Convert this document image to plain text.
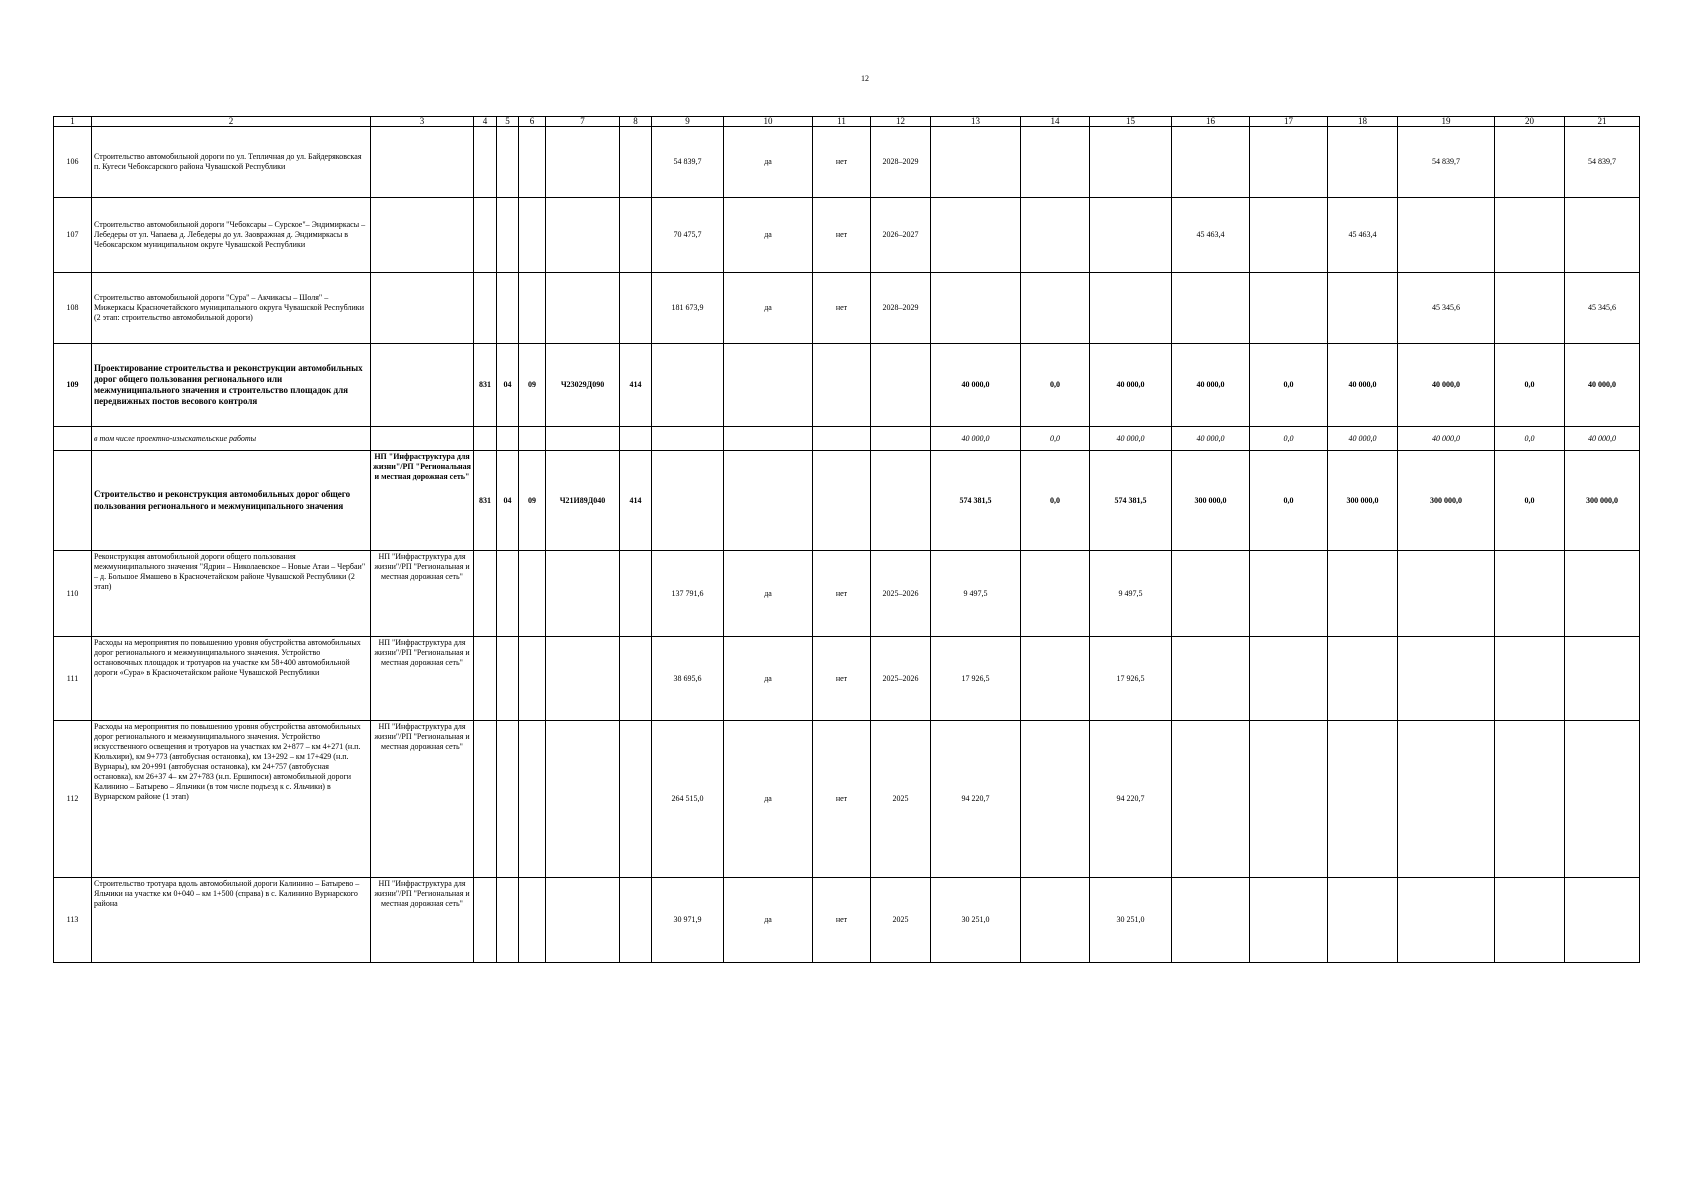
12
1	2	3	4	5	6	7	8	9	10	11	12	13	14	15	16	17	18	19	20	21
106	Строительство автомобильной дороги по ул. Тепличная до ул. Байдеряковская п. Кугеси Чебоксарского района Чувашской Республики							54 839,7	да	нет	2028–2029							54 839,7		54 839,7
107	Строительство автомобильной дороги "Чебоксары – Сурское"– Эндимиркасы – Лебедеры от ул. Чапаева д. Лебедеры до ул. Заовражная д. Эндимиркасы в Чебоксарском муниципальном округе Чувашской Республики							70 475,7	да	нет	2026–2027				45 463,4		45 463,4			
108	Строительство автомобильной дороги "Сура" – Акчикасы – Шоля" – Мижеркасы Красночетайского муниципального округа Чувашской Республики (2 этап: строительство автомобильной дороги)							181 673,9	да	нет	2028–2029							45 345,6		45 345,6
109	Проектирование строительства и реконструкции автомобильных дорог общего пользования регионального или межмуниципального значения и строительство площадок для передвижных постов весового контроля		831	04	09	Ч23029Д090	414					40 000,0	0,0	40 000,0	40 000,0	0,0	40 000,0	40 000,0	0,0	40 000,0
	в том числе проектно-изыскательские работы											40 000,0	0,0	40 000,0	40 000,0	0,0	40 000,0	40 000,0	0,0	40 000,0
	Строительство и реконструкция автомобильных дорог общего пользования регионального и межмуниципального значения	НП "Инфраструктура для жизни"/РП "Региональная и местная дорожная сеть"	831	04	09	Ч21И89Д040	414					574 381,5	0,0	574 381,5	300 000,0	0,0	300 000,0	300 000,0	0,0	300 000,0
110	Реконструкция автомобильной дороги общего пользования межмуниципального значения "Ядрин – Николаевское – Новые Атаи – Чербаи" – д. Большое Ямашево в Красночетайском районе Чувашской Республики (2 этап)	НП "Инфраструктура для жизни"/РП "Региональная и местная дорожная сеть"						137 791,6	да	нет	2025–2026	9 497,5		9 497,5						
111	Расходы на мероприятия по повышению уровня обустройства автомобильных дорог регионального и межмуниципального значения. Устройство остановочных площадок и тротуаров на участке км 58+400 автомобильной дороги «Сура» в Красночетайском районе Чувашской Республики	НП "Инфраструктура для жизни"/РП "Региональная и местная дорожная сеть"						38 695,6	да	нет	2025–2026	17 926,5		17 926,5						
112	Расходы на мероприятия по повышению уровня обустройства автомобильных дорог регионального и межмуниципального значения. Устройство искусственного освещения и тротуаров на участках км 2+877 – км 4+271 (н.п. Кюльхири), км 9+773 (автобусная остановка), км 13+292 – км 17+429 (н.п. Вурнары), км 20+991 (автобусная остановка), км 24+757 (автобусная остановка), км 26+37 4– км 27+783 (н.п. Ершипоси) автомобильной дороги Калинино – Батырево – Яльчики (в том числе подъезд к с. Яльчики) в Вурнарском районе (1 этап)	НП "Инфраструктура для жизни"/РП "Региональная и местная дорожная сеть"						264 515,0	да	нет	2025	94 220,7		94 220,7						
113	Строительство тротуара вдоль автомобильной дороги Калинино – Батырево – Яльчики на участке км 0+040 – км 1+500 (справа) в с. Калинино Вурнарского района	НП "Инфраструктура для жизни"/РП "Региональная и местная дорожная сеть"						30 971,9	да	нет	2025	30 251,0		30 251,0						
